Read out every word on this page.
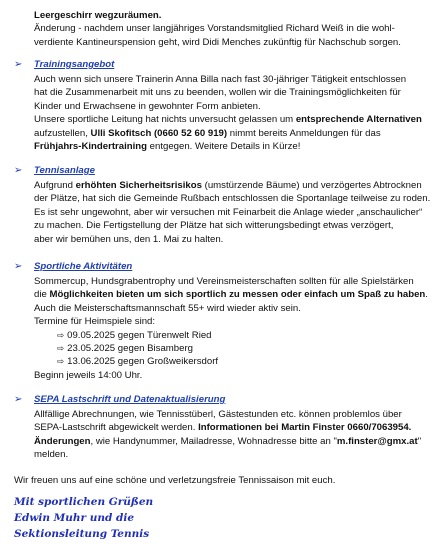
Leergeschirr wegzuräumen.
Änderung - nachdem unser langjähriges Vorstandsmitglied Richard Weiß in die wohl-
verdiente Kantineurspension geht, wird Didi Menches zukünftig für Nachschub sorgen.
➢ Trainingsangebot
Auch wenn sich unsere Trainerin Anna Billa nach fast 30-jähriger Tätigkeit entschlossen
hat die Zusammenarbeit mit uns zu beenden, wollen wir die Trainingsmöglichkeiten für
Kinder und Erwachsene in gewohnter Form anbieten.
Unsere sportliche Leitung hat nichts unversucht gelassen um entsprechende Alternativen
aufzustellen, Ulli Skofitsch (0660 52 60 919) nimmt bereits Anmeldungen für das
Frühjahrs-Kindertraining entgegen. Weitere Details in Kürze!
➢ Tennisanlage
Aufgrund erhöhten Sicherheitsrisikos (umstürzende Bäume) und verzögertes Abtrocknen
der Plätze, hat sich die Gemeinde Rußbach entschlossen die Sportanlage teilweise zu roden.
Es ist sehr ungewohnt, aber wir versuchen mit Feinarbeit die Anlage wieder „anschaulicher“
zu machen. Die Fertigstellung der Plätze hat sich witterungsbedingt etwas verzögert,
aber wir bemühen uns, den 1. Mai zu halten.
➢ Sportliche Aktivitäten
Sommercup, Hundsgrabentrophy und Vereinsmeisterschaften sollten für alle Spielstärken
die Möglichkeiten bieten um sich sportlich zu messen oder einfach um Spaß zu haben.
Auch die Meisterschaftsmannschaft 55+ wird wieder aktiv sein.
Termine für Heimspiele sind:
⇨ 09.05.2025 gegen Türenwelt Ried
⇨ 23.05.2025 gegen Bisamberg
⇨ 13.06.2025 gegen Großweikersdorf
Beginn jeweils 14:00 Uhr.
➢ SEPA Lastschrift und Datenaktualisierung
Allfällige Abrechnungen, wie Tennisstüberl, Gästestunden etc. können problemlos über
SEPA-Lastschrift abgewickelt werden. Informationen bei Martin Finster 0660/7063954.
Änderungen, wie Handynummer, Mailadresse, Wohnadresse bitte an "m.finster@gmx.at"
melden.
Wir freuen uns auf eine schöne und verletzungsfreie Tennissaison mit euch.
Mit sportlichen Grüßen
Edwin Muhr und die
Sektionsleitung Tennis
